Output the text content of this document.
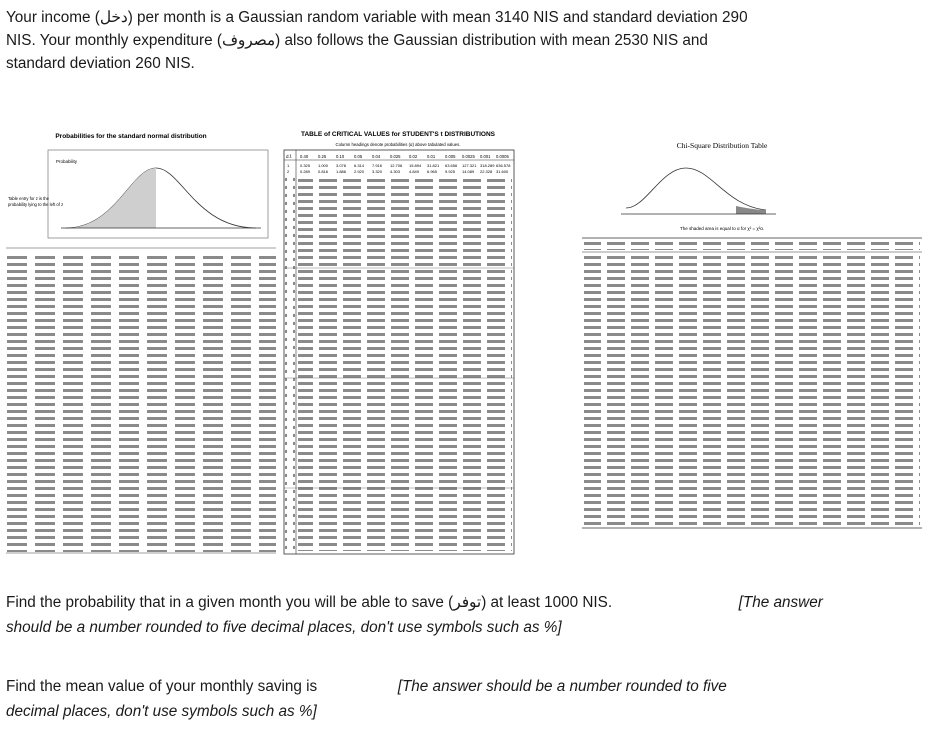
Your income (دخل) per month is a Gaussian random variable with mean 3140 NIS and standard deviation 290
NIS. Your monthly expenditure (مصروف) also follows the Gaussian distribution with mean 2530 NIS and
standard deviation 260 NIS.
Probabilities for the standard normal distribution
Probability
Table entry for z is the
probability lying to the left of z
TABLE of CRITICAL VALUES for STUDENT'S t DISTRIBUTIONS
Column headings denote probabilities (α) above tabulated values.
d.f. 0.40 0.25 0.10 0.05 0.04 0.025 0.02 0.01 0.005 0.0025 0.001 0.0005
1	0.325 1.000 3.078 6.314 7.916 12.706 15.894 31.821 63.656 127.321 318.289 636.578
2	0.289 0.816 1.886 2.920 3.320 4.303 4.849 6.965 9.925 14.089 22.328 31.600
Chi-Square Distribution Table
The shaded area is equal to α for χ² = χ²α.
Find the probability that in a given month you will be able to save (توفر) at least 1000 NIS.	[The answer
should be a number rounded to five decimal places, don't use symbols such as %]
Find the mean value of your monthly saving is	[The answer should be a number rounded to five
decimal places, don't use symbols such as %]
